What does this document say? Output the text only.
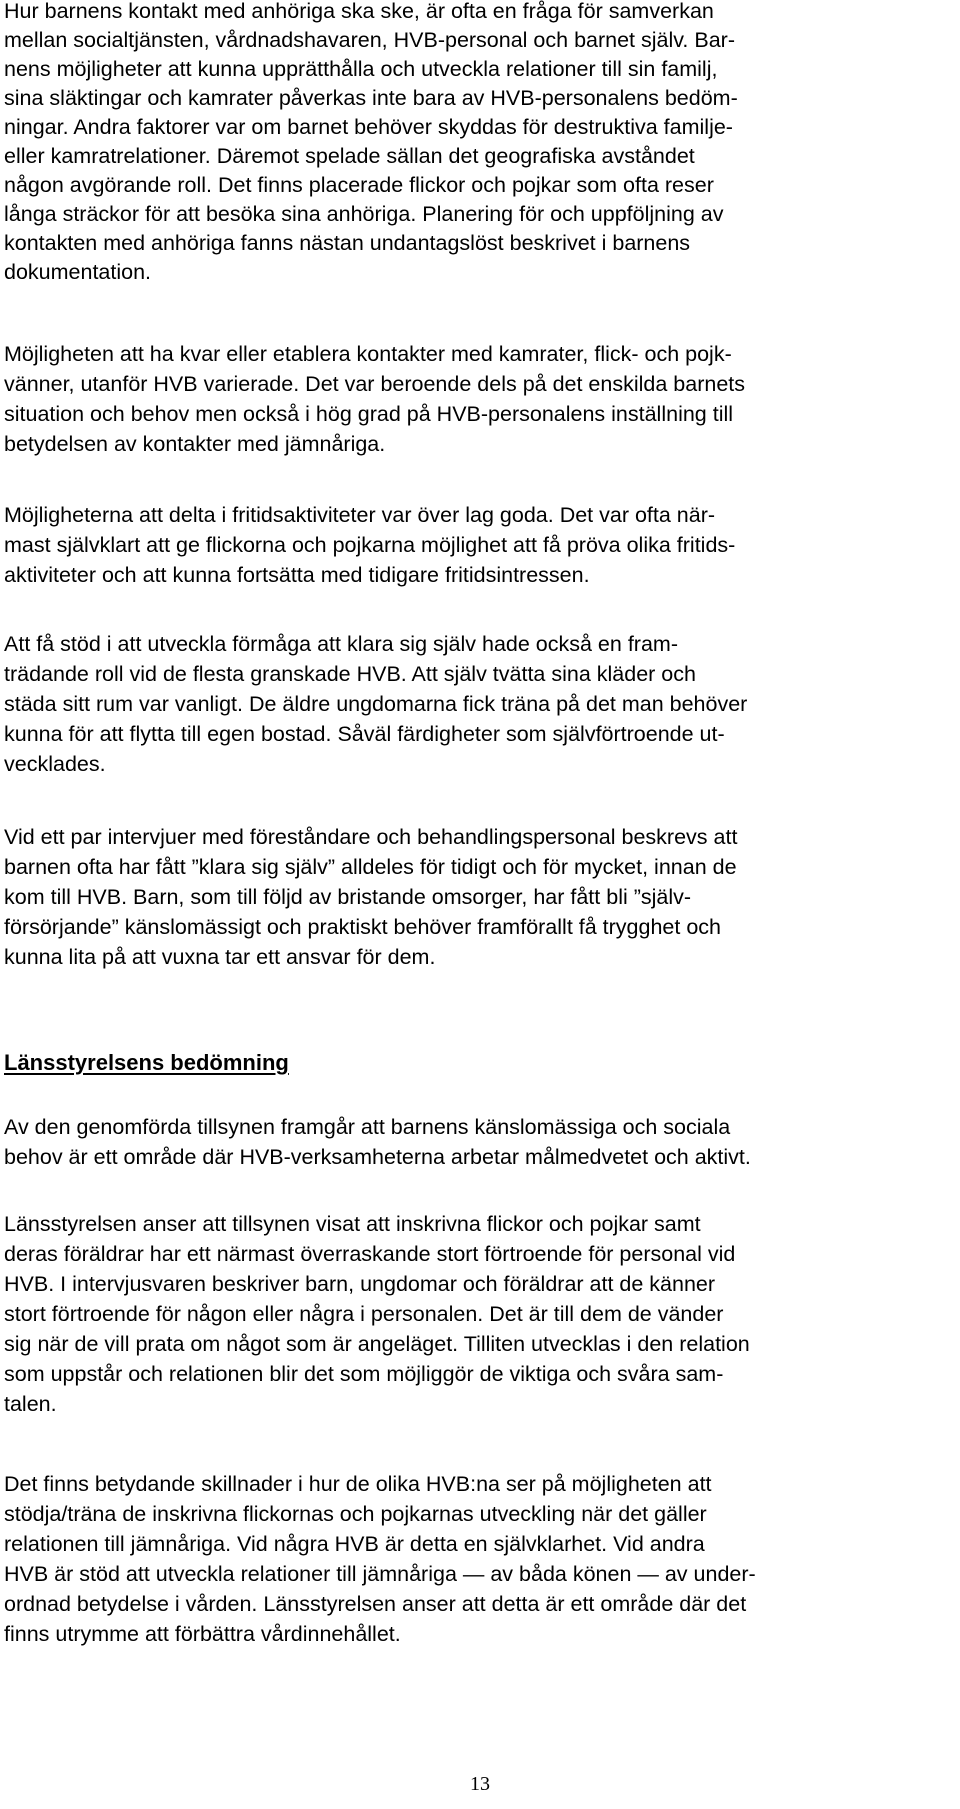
Hur barnens kontakt med anhöriga ska ske, är ofta en fråga för samverkan
mellan socialtjänsten, vårdnadshavaren, HVB-personal och barnet själv. Bar-
nens möjligheter att kunna upprätthålla och utveckla relationer till sin familj,
sina släktingar och kamrater påverkas inte bara av HVB-personalens bedöm-
ningar. Andra faktorer var om barnet behöver skyddas för destruktiva familje-
eller kamratrelationer. Däremot spelade sällan det geografiska avståndet
någon avgörande roll. Det finns placerade flickor och pojkar som ofta reser
långa sträckor för att besöka sina anhöriga. Planering för och uppföljning av
kontakten med anhöriga fanns nästan undantagslöst beskrivet i barnens
dokumentation.
Möjligheten att ha kvar eller etablera kontakter med kamrater, flick- och pojk-
vänner, utanför HVB varierade. Det var beroende dels på det enskilda barnets
situation och behov men också i hög grad på HVB-personalens inställning till
betydelsen av kontakter med jämnåriga.
Möjligheterna att delta i fritidsaktiviteter var över lag goda. Det var ofta när-
mast självklart att ge flickorna och pojkarna möjlighet att få pröva olika fritids-
aktiviteter och att kunna fortsätta med tidigare fritidsintressen.
Att få stöd i att utveckla förmåga att klara sig själv hade också en fram-
trädande roll vid de flesta granskade HVB. Att själv tvätta sina kläder och
städa sitt rum var vanligt. De äldre ungdomarna fick träna på det man behöver
kunna för att flytta till egen bostad. Såväl färdigheter som självförtroende ut-
vecklades.
Vid ett par intervjuer med föreståndare och behandlingspersonal beskrevs att
barnen ofta har fått ”klara sig själv” alldeles för tidigt och för mycket, innan de
kom till HVB. Barn, som till följd av bristande omsorger, har fått bli ”själv-
försörjande” känslomässigt och praktiskt behöver framförallt få trygghet och
kunna lita på att vuxna tar ett ansvar för dem.
Länsstyrelsens bedömning
Av den genomförda tillsynen framgår att barnens känslomässiga och sociala
behov är ett område där HVB-verksamheterna arbetar målmedvetet och aktivt.
Länsstyrelsen anser att tillsynen visat att inskrivna flickor och pojkar samt
deras föräldrar har ett närmast överraskande stort förtroende för personal vid
HVB. I intervjusvaren beskriver barn, ungdomar och föräldrar att de känner
stort förtroende för någon eller några i personalen. Det är till dem de vänder
sig när de vill prata om något som är angeläget. Tilliten utvecklas i den relation
som uppstår och relationen blir det som möjliggör de viktiga och svåra sam-
talen.
Det finns betydande skillnader i hur de olika HVB:na ser på möjligheten att
stödja/träna de inskrivna flickornas och pojkarnas utveckling när det gäller
relationen till jämnåriga. Vid några HVB är detta en självklarhet. Vid andra
HVB är stöd att utveckla relationer till jämnåriga — av båda könen — av under-
ordnad betydelse i vården. Länsstyrelsen anser att detta är ett område där det
finns utrymme att förbättra vårdinnehållet.
13
